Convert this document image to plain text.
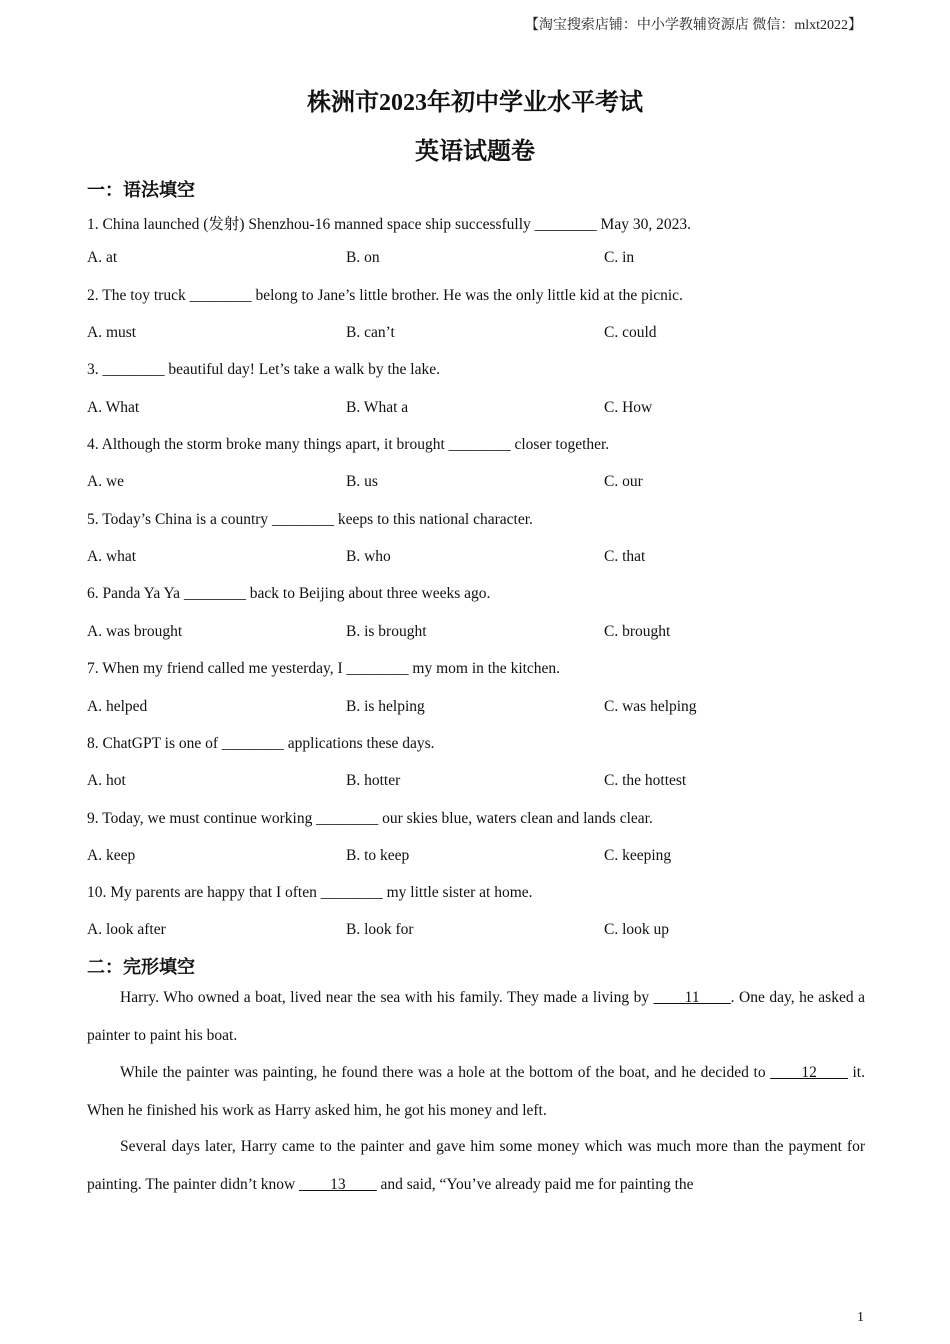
【淘宝搜索店铺：中小学教辅资源店 微信：mlxt2022】
株洲市2023年初中学业水平考试
英语试题卷
一：语法填空
1. China launched (发射) Shenzhou-16 manned space ship successfully ________ May 30, 2023.
A. at	B. on	C. in
2. The toy truck ________ belong to Jane’s little brother. He was the only little kid at the picnic.
A. must	B. can’t	C. could
3. ________ beautiful day! Let’s take a walk by the lake.
A. What	B. What a	C. How
4. Although the storm broke many things apart, it brought ________ closer together.
A. we	B. us	C. our
5. Today’s China is a country ________ keeps to this national character.
A. what	B. who	C. that
6. Panda Ya Ya ________ back to Beijing about three weeks ago.
A. was brought	B. is brought	C. brought
7. When my friend called me yesterday, I ________ my mom in the kitchen.
A. helped	B. is helping	C. was helping
8. ChatGPT is one of ________ applications these days.
A. hot	B. hotter	C. the hottest
9. Today, we must continue working ________ our skies blue, waters clean and lands clear.
A. keep	B. to keep	C. keeping
10. My parents are happy that I often ________ my little sister at home.
A. look after	B. look for	C. look up
二：完形填空
Harry. Who owned a boat, lived near the sea with his family. They made a living by ____11____. One day, he asked a painter to paint his boat.
While the painter was painting, he found there was a hole at the bottom of the boat, and he decided to ____12____ it. When he finished his work as Harry asked him, he got his money and left.
Several days later, Harry came to the painter and gave him some money which was much more than the payment for painting. The painter didn’t know ____13____ and said, “You’ve already paid me for painting the
1
